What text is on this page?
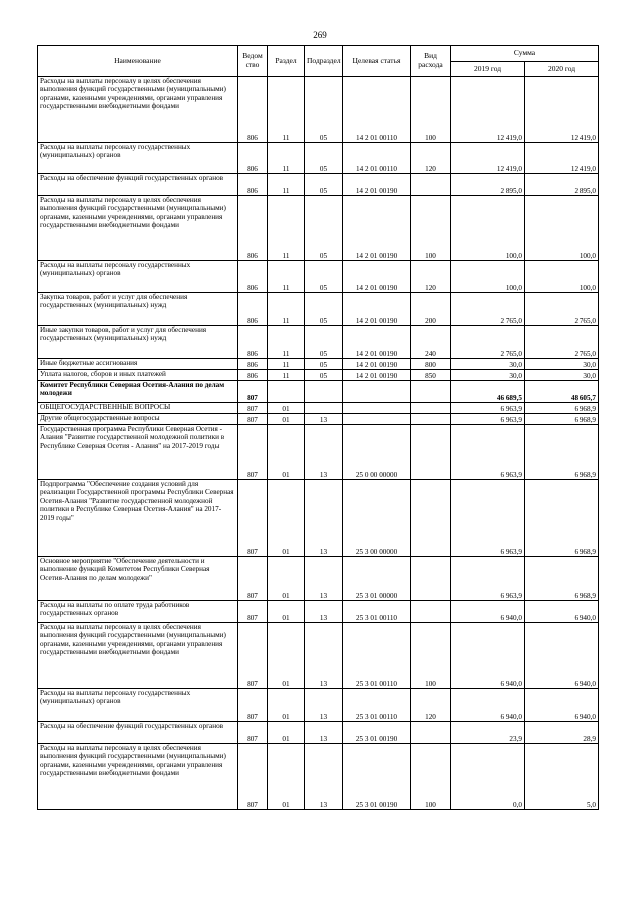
269
Наименование	Ведом ство	Раздел	Подраздел	Целевая статья	Вид расхода	Сумма	
						2019 год	2020 год
Расходы на выплаты персоналу в целях обеспечения выполнения функций государственными (муниципальными) органами, казенными учреждениями, органами управления государственными внебюджетными фондами	806	11	05	14 2 01 00110	100	12 419,0	12 419,0
Расходы на выплаты персоналу государственных (муниципальных) органов	806	11	05	14 2 01 00110	120	12 419,0	12 419,0
Расходы на обеспечение функций государственных органов	806	11	05	14 2 01 00190		2 895,0	2 895,0
Расходы на выплаты персоналу в целях обеспечения выполнения функций государственными (муниципальными) органами, казенными учреждениями, органами управления государственными внебюджетными фондами	806	11	05	14 2 01 00190	100	100,0	100,0
Расходы на выплаты персоналу государственных (муниципальных) органов	806	11	05	14 2 01 00190	120	100,0	100,0
Закупка товаров, работ и услуг для обеспечения государственных (муниципальных) нужд	806	11	05	14 2 01 00190	200	2 765,0	2 765,0
Иные закупки товаров, работ и услуг для обеспечения государственных (муниципальных) нужд	806	11	05	14 2 01 00190	240	2 765,0	2 765,0
Иные бюджетные ассигнования	806	11	05	14 2 01 00190	800	30,0	30,0
Уплата налогов, сборов и иных платежей	806	11	05	14 2 01 00190	850	30,0	30,0
Комитет Республики Северная Осетия-Алания по делам молодежи	807					46 689,5	48 605,7
ОБЩЕГОСУДАРСТВЕННЫЕ ВОПРОСЫ	807	01				6 963,9	6 968,9
Другие общегосударственные вопросы	807	01	13			6 963,9	6 968,9
Государственная программа Республики Северная Осетия - Алания "Развитие государственной молодежной политики в Республике Северная Осетия - Алания" на 2017-2019 годы	807	01	13	25 0 00 00000		6 963,9	6 968,9
Подпрограмма "Обеспечение создания условий для реализации Государственной программы Республики Северная Осетия-Алания "Развитие государственной молодежной политики в Республике Северная Осетия-Алания" на 2017-2019 годы"	807	01	13	25 3 00 00000		6 963,9	6 968,9
Основное мероприятие "Обеспечение деятельности и выполнение функций Комитетом Республики Северная Осетия-Алания по делам молодежи"	807	01	13	25 3 01 00000		6 963,9	6 968,9
Расходы на выплаты по оплате труда работников государственных органов	807	01	13	25 3 01 00110		6 940,0	6 940,0
Расходы на выплаты персоналу в целях обеспечения выполнения функций государственными (муниципальными) органами, казенными учреждениями, органами управления государственными внебюджетными фондами	807	01	13	25 3 01 00110	100	6 940,0	6 940,0
Расходы на выплаты персоналу государственных (муниципальных) органов	807	01	13	25 3 01 00110	120	6 940,0	6 940,0
Расходы на обеспечение функций государственных органов	807	01	13	25 3 01 00190		23,9	28,9
Расходы на выплаты персоналу в целях обеспечения выполнения функций государственными (муниципальными) органами, казенными учреждениями, органами управления государственными внебюджетными фондами	807	01	13	25 3 01 00190	100	0,0	5,0
